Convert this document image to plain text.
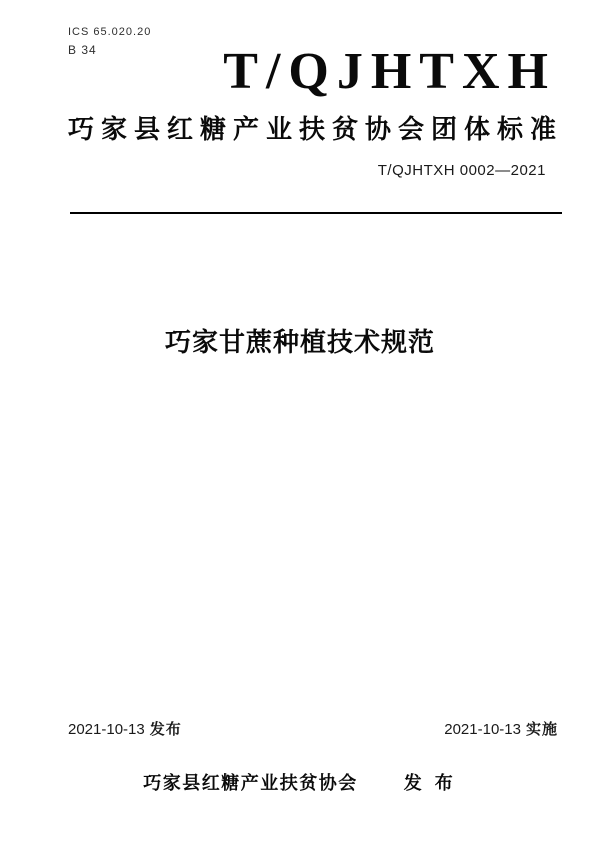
ICS 65.020.20
B 34 T/QJHTXH
巧家县红糖产业扶贫协会团体标准
T/QJHTXH 0002—2021
巧家甘蔗种植技术规范
2021-10-13 发布	2021-10-13 实施
巧家县红糖产业扶贫协会	发 布
